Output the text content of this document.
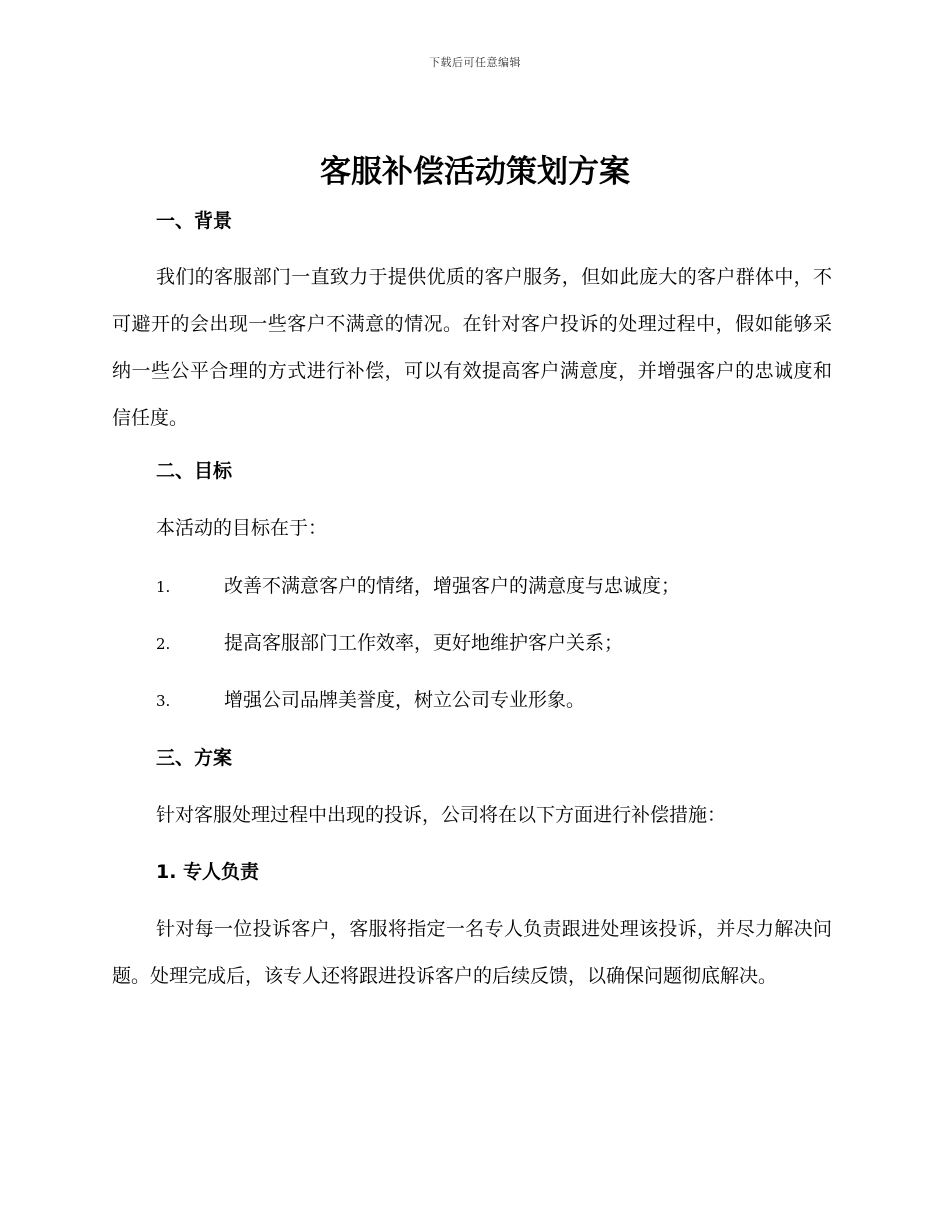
下载后可任意编辑
客服补偿活动策划方案
一、背景

我们的客服部门一直致力于提供优质的客户服务，但如此庞大的客户群体中，不可避开的会出现一些客户不满意的情况。在针对客户投诉的处理过程中，假如能够采纳一些公平合理的方式进行补偿，可以有效提高客户满意度，并增强客户的忠诚度和信任度。

二、目标

本活动的目标在于：

1.	改善不满意客户的情绪，增强客户的满意度与忠诚度；
2.	提高客服部门工作效率，更好地维护客户关系；
3.	增强公司品牌美誉度，树立公司专业形象。
三、方案

针对客服处理过程中出现的投诉，公司将在以下方面进行补偿措施：

1. 专人负责

针对每一位投诉客户，客服将指定一名专人负责跟进处理该投诉，并尽力解决问题。处理完成后，该专人还将跟进投诉客户的后续反馈，以确保问题彻底解决。
